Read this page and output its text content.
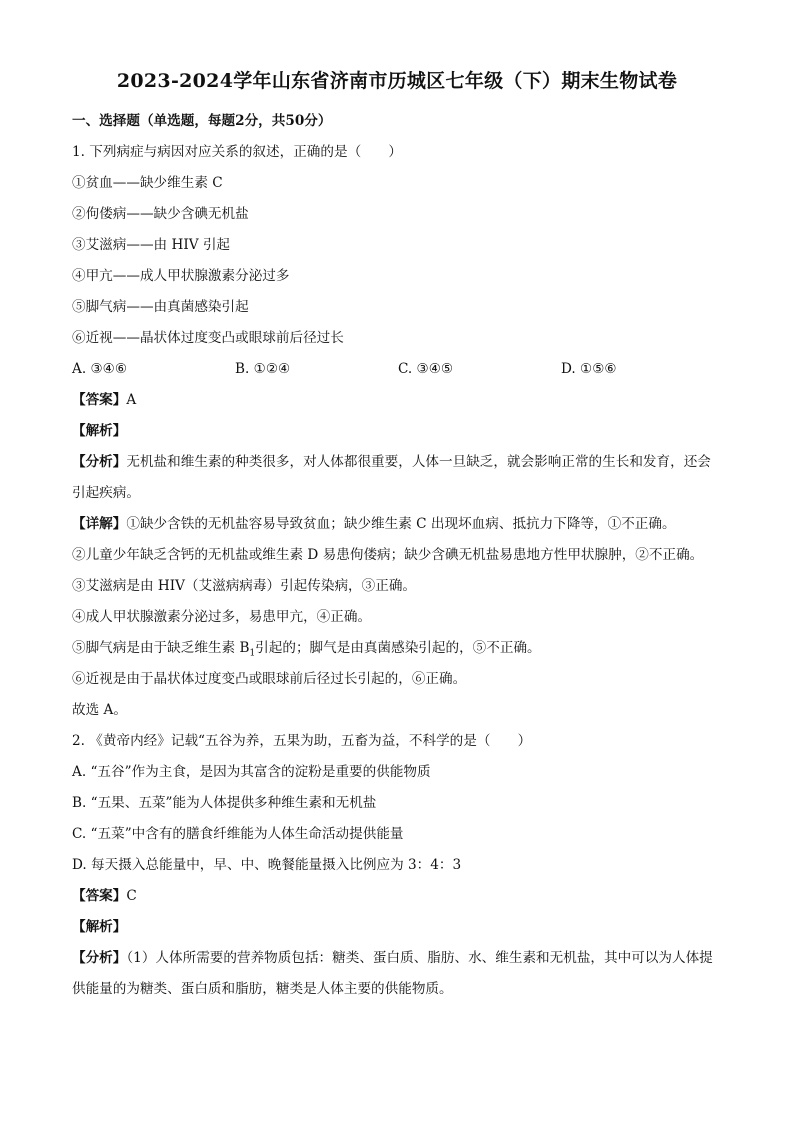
2023-2024学年山东省济南市历城区七年级（下）期末生物试卷
一、选择题（单选题，每题2分，共50分）
1. 下列病症与病因对应关系的叙述，正确的是（　　）
①贫血——缺少维生素 C
②佝偻病——缺少含碘无机盐
③艾滋病——由 HIV 引起
④甲亢——成人甲状腺激素分泌过多
⑤脚气病——由真菌感染引起
⑥近视——晶状体过度变凸或眼球前后径过长
A. ③④⑥	B. ①②④	C. ③④⑤	D. ①⑤⑥
【答案】A
【解析】
【分析】无机盐和维生素的种类很多，对人体都很重要，人体一旦缺乏，就会影响正常的生长和发育，还会引起疾病。
【详解】①缺少含铁的无机盐容易导致贫血；缺少维生素 C 出现坏血病、抵抗力下降等，①不正确。
②儿童少年缺乏含钙的无机盐或维生素 D 易患佝偻病；缺少含碘无机盐易患地方性甲状腺肿，②不正确。
③艾滋病是由 HIV（艾滋病病毒）引起传染病，③正确。
④成人甲状腺激素分泌过多，易患甲亢，④正确。
⑤脚气病是由于缺乏维生素 $B_1$引起的；脚气是由真菌感染引起的，⑤不正确。
⑥近视是由于晶状体过度变凸或眼球前后径过长引起的，⑥正确。
故选 A。
2. 《黄帝内经》记载“五谷为养，五果为助，五畜为益，不科学的是（　　）
A. “五谷”作为主食，是因为其富含的淀粉是重要的供能物质
B. “五果、五菜”能为人体提供多种维生素和无机盐
C. “五菜”中含有的膳食纤维能为人体生命活动提供能量
D. 每天摄入总能量中，早、中、晚餐能量摄入比例应为 3：4：3
【答案】C
【解析】
【分析】（1）人体所需要的营养物质包括：糖类、蛋白质、脂肪、水、维生素和无机盐，其中可以为人体提供能量的为糖类、蛋白质和脂肪，糖类是人体主要的供能物质。
